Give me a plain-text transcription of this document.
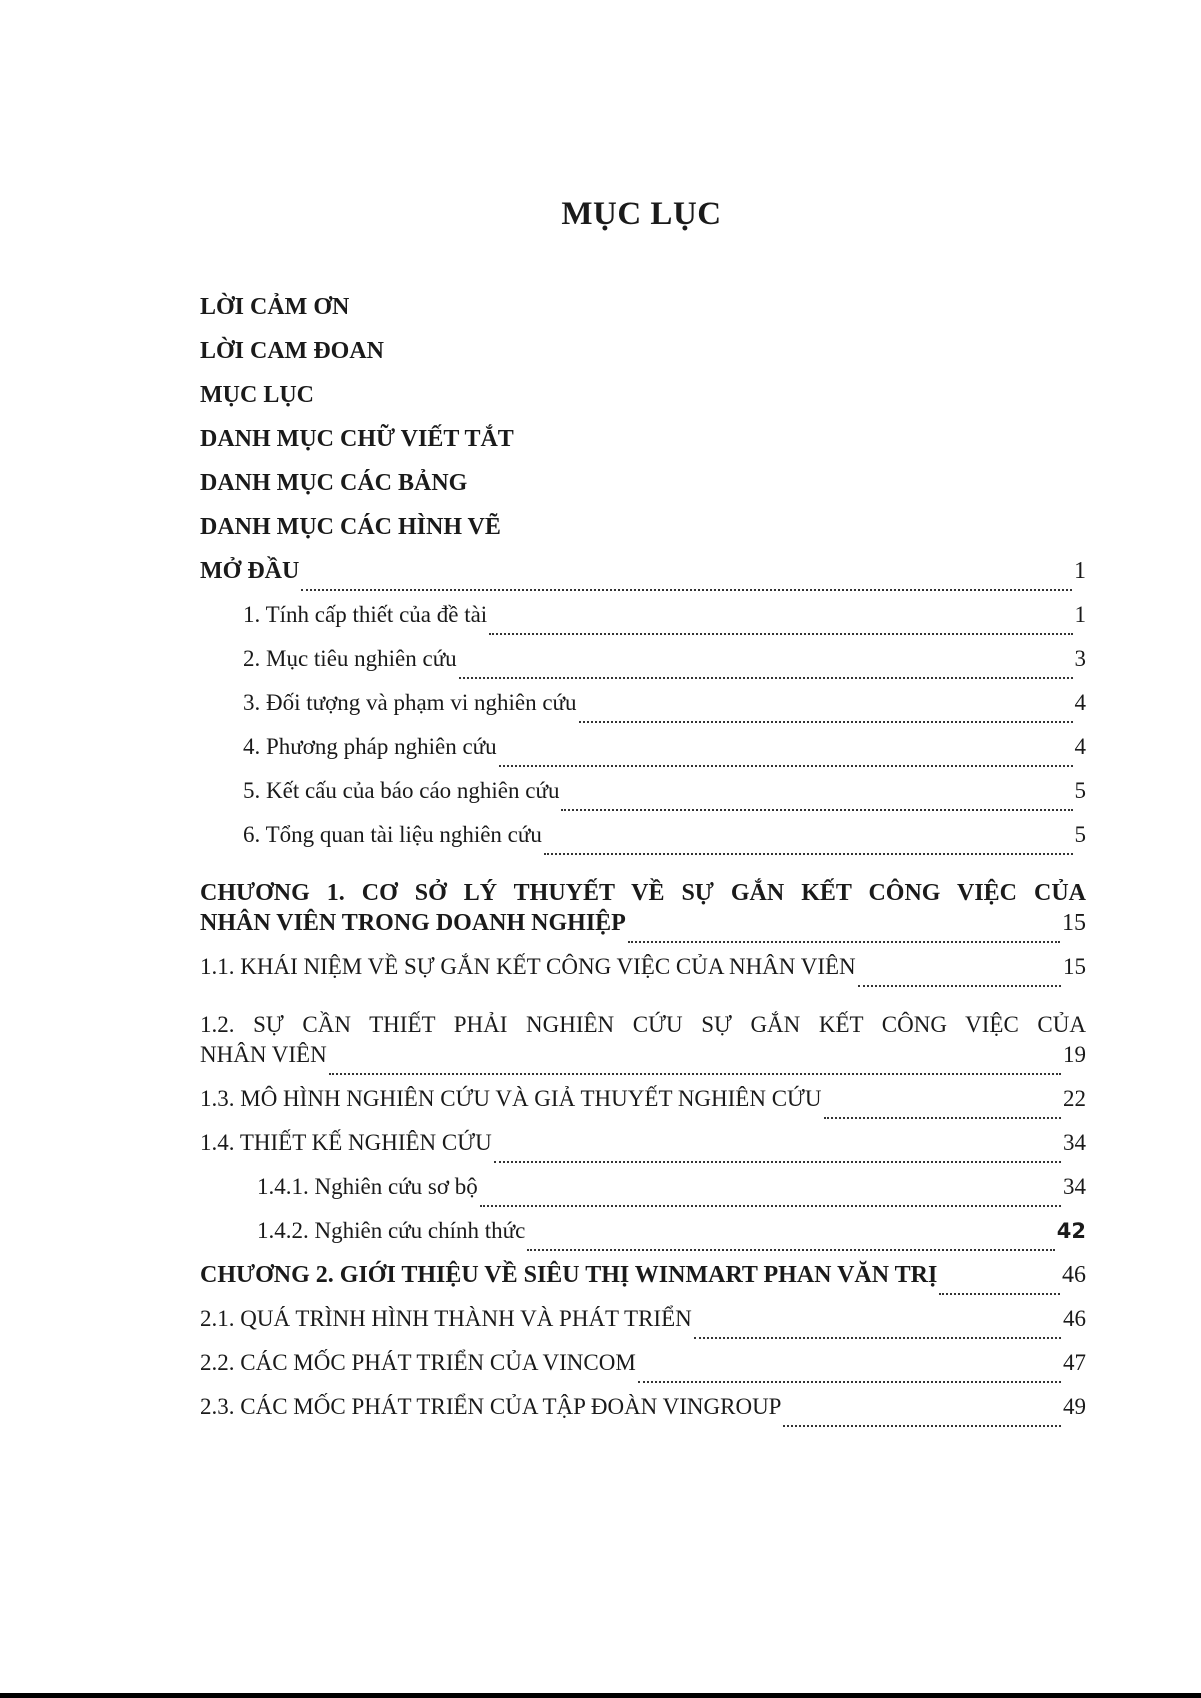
MỤC LỤC
LỜI CẢM ƠN
LỜI CAM ĐOAN
MỤC LỤC
DANH MỤC CHỮ VIẾT TẮT
DANH MỤC CÁC BẢNG
DANH MỤC CÁC HÌNH VẼ
MỞ ĐẦU	1
1. Tính cấp thiết của đề tài	1
2. Mục tiêu nghiên cứu	3
3. Đối tượng và phạm vi nghiên cứu	4
4. Phương pháp nghiên cứu	4
5. Kết cấu của báo cáo nghiên cứu	5
6. Tổng quan tài liệu nghiên cứu	5
CHƯƠNG 1. CƠ SỞ LÝ THUYẾT VỀ SỰ GẮN KẾT CÔNG VIỆC CỦA
NHÂN VIÊN TRONG DOANH NGHIỆP	15
1.1. KHÁI NIỆM VỀ SỰ GẮN KẾT CÔNG VIỆC CỦA NHÂN VIÊN	15
1.2. SỰ CẦN THIẾT PHẢI NGHIÊN CỨU SỰ GẮN KẾT CÔNG VIỆC CỦA
NHÂN VIÊN	19
1.3. MÔ HÌNH NGHIÊN CỨU VÀ GIẢ THUYẾT NGHIÊN CỨU	22
1.4. THIẾT KẾ NGHIÊN CỨU	34
1.4.1. Nghiên cứu sơ bộ	34
1.4.2. Nghiên cứu chính thức	42
CHƯƠNG 2. GIỚI THIỆU VỀ SIÊU THỊ WINMART PHAN VĂN TRỊ	46
2.1. QUÁ TRÌNH HÌNH THÀNH VÀ PHÁT TRIỂN	46
2.2. CÁC MỐC PHÁT TRIỂN CỦA VINCOM	47
2.3. CÁC MỐC PHÁT TRIỂN CỦA TẬP ĐOÀN VINGROUP	49
